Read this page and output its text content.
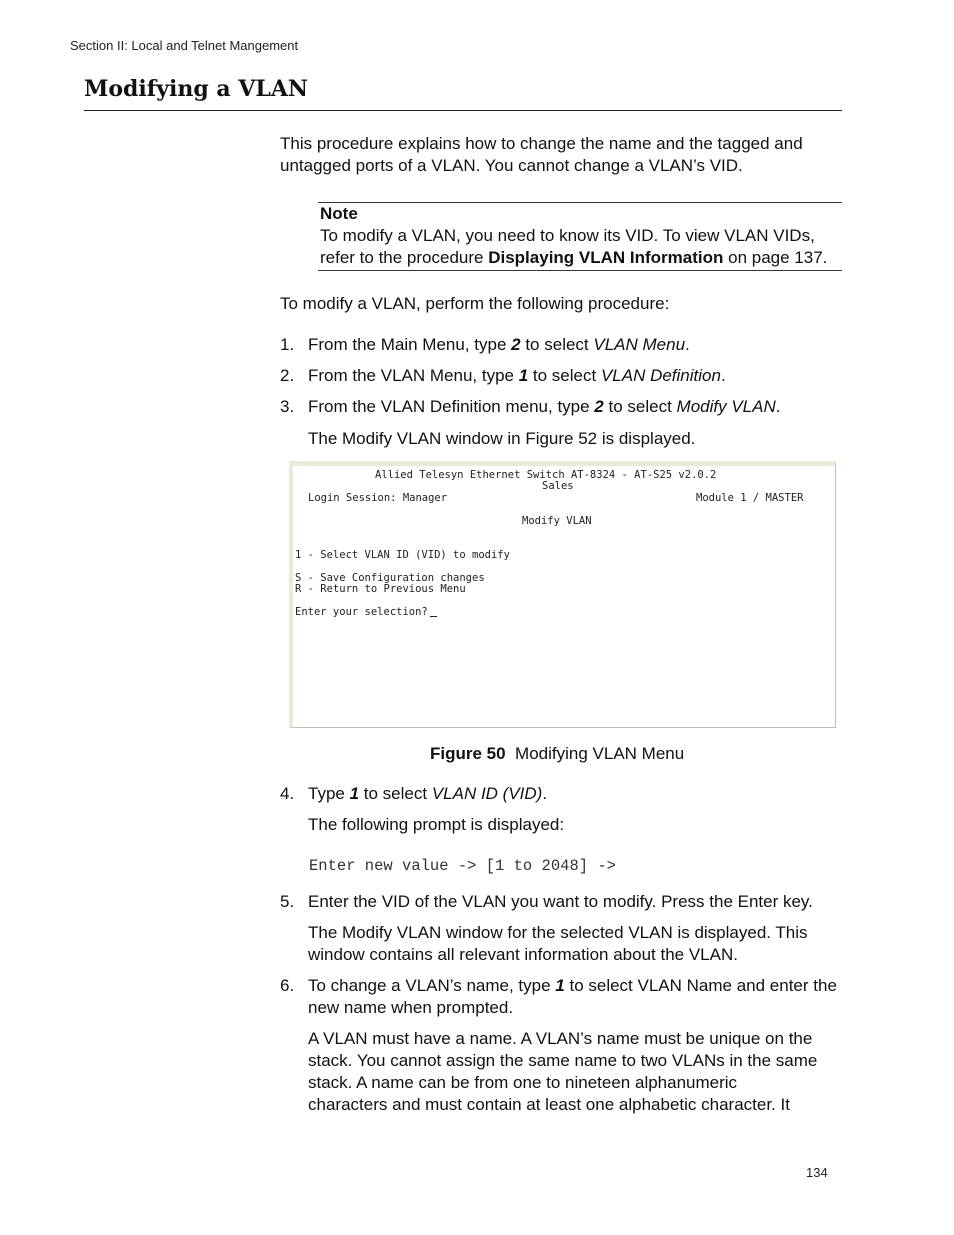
Section II: Local and Telnet Mangement
Modifying a VLAN
This procedure explains how to change the name and the tagged and
untagged ports of a VLAN. You cannot change a VLAN’s VID.
Note
To modify a VLAN, you need to know its VID. To view VLAN VIDs,
refer to the procedure Displaying VLAN Information on page 137.
To modify a VLAN, perform the following procedure:
1. From the Main Menu, type 2 to select VLAN Menu.
2. From the VLAN Menu, type 1 to select VLAN Definition.
3. From the VLAN Definition menu, type 2 to select Modify VLAN.
The Modify VLAN window in Figure 52 is displayed.
Allied Telesyn Ethernet Switch AT-8324 - AT-S25 v2.0.2
Sales
Login Session: Manager	Module 1 / MASTER
Modify VLAN
1 - Select VLAN ID (VID) to modify
S - Save Configuration changes
R - Return to Previous Menu
Enter your selection?
Figure 50 Modifying VLAN Menu
4. Type 1 to select VLAN ID (VID).
The following prompt is displayed:
Enter new value -> [1 to 2048] ->
5. Enter the VID of the VLAN you want to modify. Press the Enter key.
The Modify VLAN window for the selected VLAN is displayed. This
window contains all relevant information about the VLAN.
6. To change a VLAN’s name, type 1 to select VLAN Name and enter the
new name when prompted.
A VLAN must have a name. A VLAN’s name must be unique on the
stack. You cannot assign the same name to two VLANs in the same
stack. A name can be from one to nineteen alphanumeric
characters and must contain at least one alphabetic character. It
134
